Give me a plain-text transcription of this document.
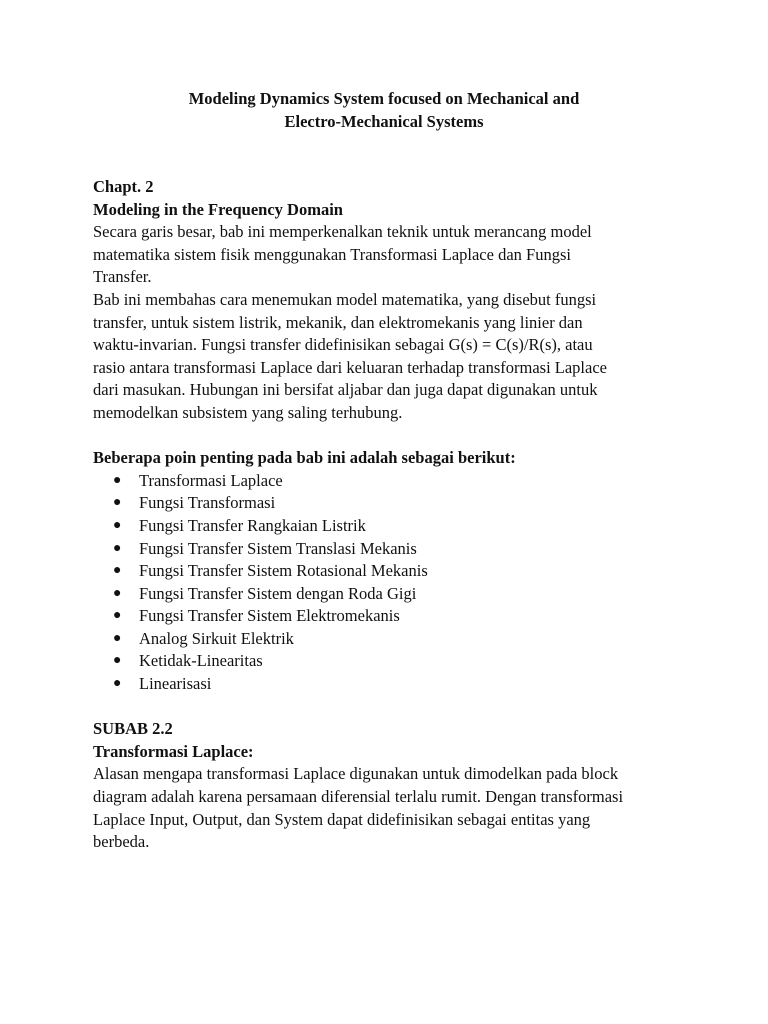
Modeling Dynamics System focused on Mechanical and
Electro-Mechanical Systems

Chapt. 2

Modeling in the Frequency Domain

Secara garis besar, bab ini memperkenalkan teknik untuk merancang model

matematika sistem fisik menggunakan Transformasi Laplace dan Fungsi

Transfer.

Bab ini membahas cara menemukan model matematika, yang disebut fungsi

transfer, untuk sistem listrik, mekanik, dan elektromekanis yang linier dan

waktu-invarian. Fungsi transfer didefinisikan sebagai G(s) = C(s)/R(s), atau

rasio antara transformasi Laplace dari keluaran terhadap transformasi Laplace

dari masukan. Hubungan ini bersifat aljabar dan juga dapat digunakan untuk

memodelkan subsistem yang saling terhubung.

Beberapa poin penting pada bab ini adalah sebagai berikut:

● Transformasi Laplace
● Fungsi Transformasi
● Fungsi Transfer Rangkaian Listrik
● Fungsi Transfer Sistem Translasi Mekanis
● Fungsi Transfer Sistem Rotasional Mekanis
● Fungsi Transfer Sistem dengan Roda Gigi
● Fungsi Transfer Sistem Elektromekanis
● Analog Sirkuit Elektrik
● Ketidak-Linearitas
● Linearisasi

SUBAB 2.2

Transformasi Laplace:

Alasan mengapa transformasi Laplace digunakan untuk dimodelkan pada block

diagram adalah karena persamaan diferensial terlalu rumit. Dengan transformasi

Laplace Input, Output, dan System dapat didefinisikan sebagai entitas yang

berbeda.
